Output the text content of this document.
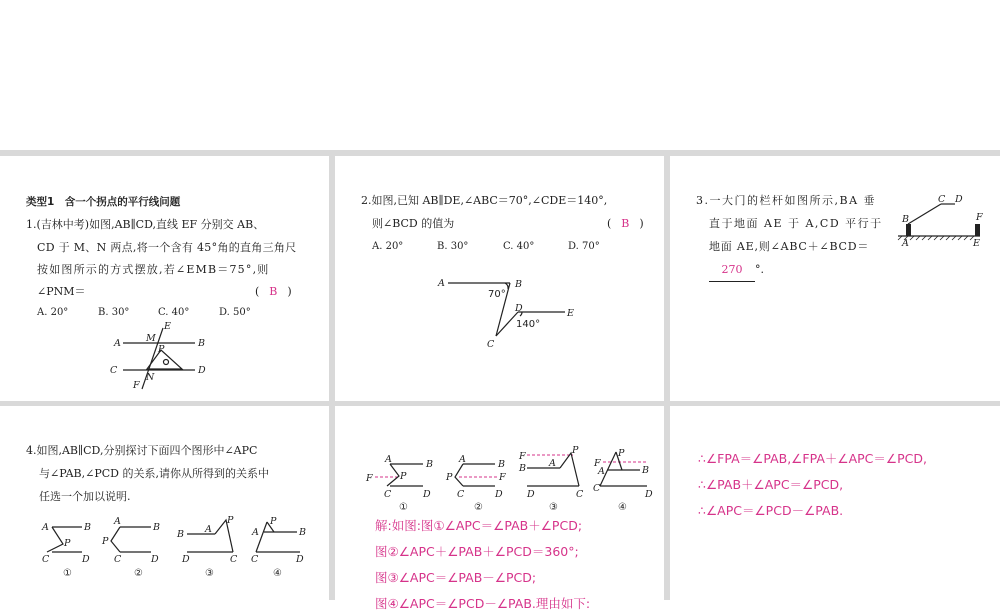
类型1　含一个拐点的平行线问题
1.(吉林中考)如图,AB∥CD,直线 EF 分别交 AB、
CD 于 M、N 两点,将一个含有 45°角的直角三角尺
按如图所示的方式摆放,若∠EMB＝75°,则
∠PNM＝	( B )
A. 20°	B. 30°	C. 40°	D. 50°
A	B
C	D
E
F
M
N
P
2.如图,已知 AB∥DE,∠ABC＝70°,∠CDE＝140°,
则∠BCD 的值为	( B )
A. 20°	B. 30°	C. 40°	D. 70°
A	B
C
D	E
70°
140°
3.一大门的栏杆如图所示,BA 垂
直于地面 AE 于 A,CD 平行于
地面 AE,则∠ABC＋∠BCD＝
270 °.
A
B
C D
E
F
4.如图,AB∥CD,分别探讨下面四个图形中∠APC
与∠PAB,∠PCD 的关系,请你从所得到的关系中
任选一个加以说明.
A	B
C	D
P
①
A
B
C	D
P
②
B A
P
D	C
③
P
A	B
C	D
④
A	B
F	P
C	D
①
A	B
P	F
C	D
②
F
P
B A
D	C
③
P
F
A	B
C
D
④
解:如图:图①∠APC＝∠PAB＋∠PCD;
图②∠APC＋∠PAB＋∠PCD＝360°;
图③∠APC＝∠PAB－∠PCD;
图④∠APC＝∠PCD－∠PAB.理由如下:
∴∠FPA＝∠PAB,∠FPA＋∠APC＝∠PCD,
∴∠PAB＋∠APC＝∠PCD,
∴∠APC＝∠PCD－∠PAB.
